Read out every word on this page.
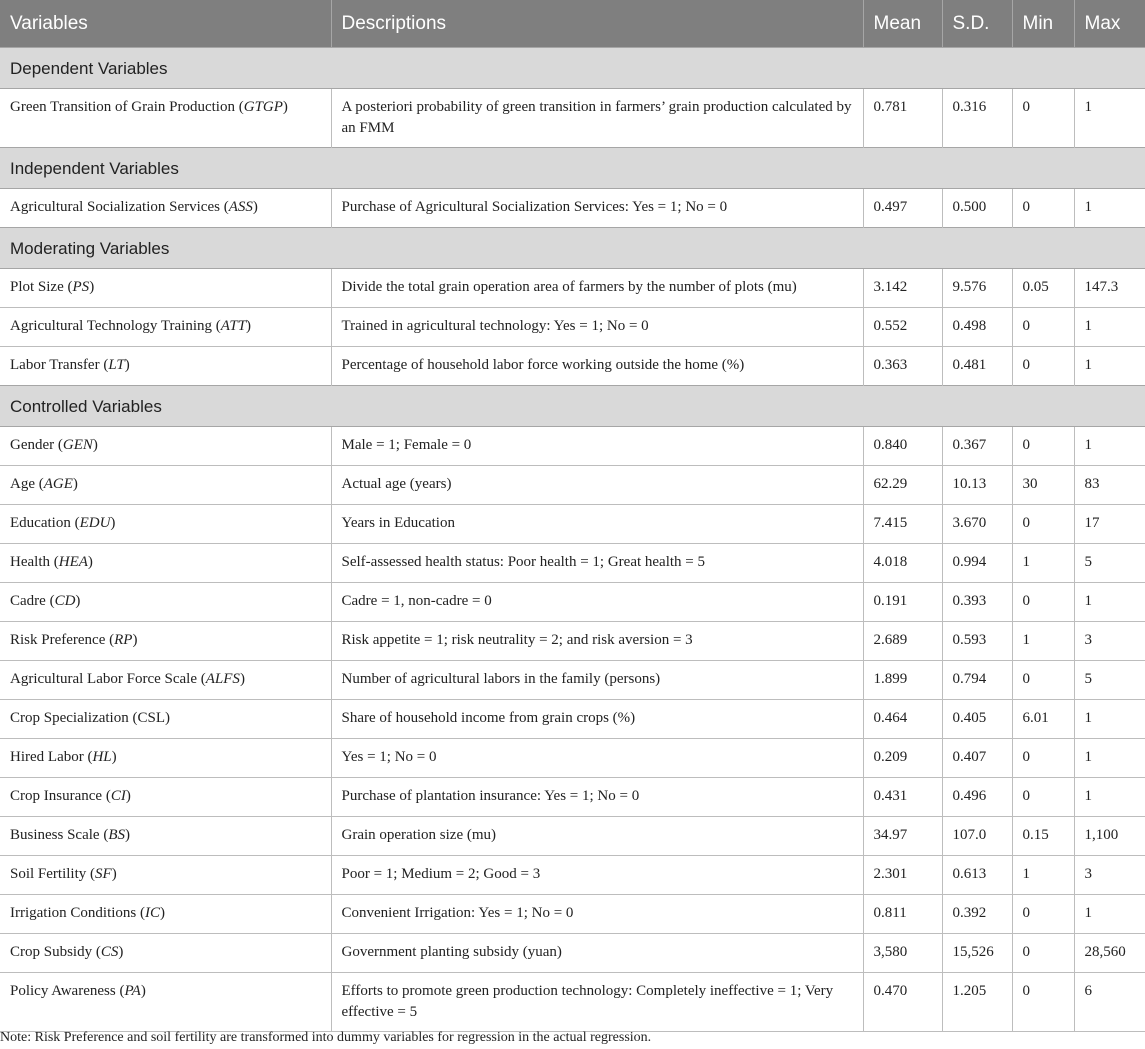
Variables	Descriptions	Mean	S.D.	Min	Max
Dependent Variables					
Green Transition of Grain Production (GTGP)	A posteriori probability of green transition in farmers’ grain production calculated by an FMM	0.781	0.316	0	1
Independent Variables					
Agricultural Socialization Services (ASS)	Purchase of Agricultural Socialization Services: Yes = 1; No = 0	0.497	0.500	0	1
Moderating Variables					
Plot Size (PS)	Divide the total grain operation area of farmers by the number of plots (mu)	3.142	9.576	0.05	147.3
Agricultural Technology Training (ATT)	Trained in agricultural technology: Yes = 1; No = 0	0.552	0.498	0	1
Labor Transfer (LT)	Percentage of household labor force working outside the home (%)	0.363	0.481	0	1
Controlled Variables					
Gender (GEN)	Male = 1; Female = 0	0.840	0.367	0	1
Age (AGE)	Actual age (years)	62.29	10.13	30	83
Education (EDU)	Years in Education	7.415	3.670	0	17
Health (HEA)	Self-assessed health status: Poor health = 1; Great health = 5	4.018	0.994	1	5
Cadre (CD)	Cadre = 1, non-cadre = 0	0.191	0.393	0	1
Risk Preference (RP)	Risk appetite = 1; risk neutrality = 2; and risk aversion = 3	2.689	0.593	1	3
Agricultural Labor Force Scale (ALFS)	Number of agricultural labors in the family (persons)	1.899	0.794	0	5
Crop Specialization (CSL)	Share of household income from grain crops (%)	0.464	0.405	6.01	1
Hired Labor (HL)	Yes = 1; No = 0	0.209	0.407	0	1
Crop Insurance (CI)	Purchase of plantation insurance: Yes = 1; No = 0	0.431	0.496	0	1
Business Scale (BS)	Grain operation size (mu)	34.97	107.0	0.15	1,100
Soil Fertility (SF)	Poor = 1; Medium = 2; Good = 3	2.301	0.613	1	3
Irrigation Conditions (IC)	Convenient Irrigation: Yes = 1; No = 0	0.811	0.392	0	1
Crop Subsidy (CS)	Government planting subsidy (yuan)	3,580	15,526	0	28,560
Policy Awareness (PA)	Efforts to promote green production technology: Completely ineffective = 1; Very effective = 5	0.470	1.205	0	6
Note: Risk Preference and soil fertility are transformed into dummy variables for regression in the actual regression.
